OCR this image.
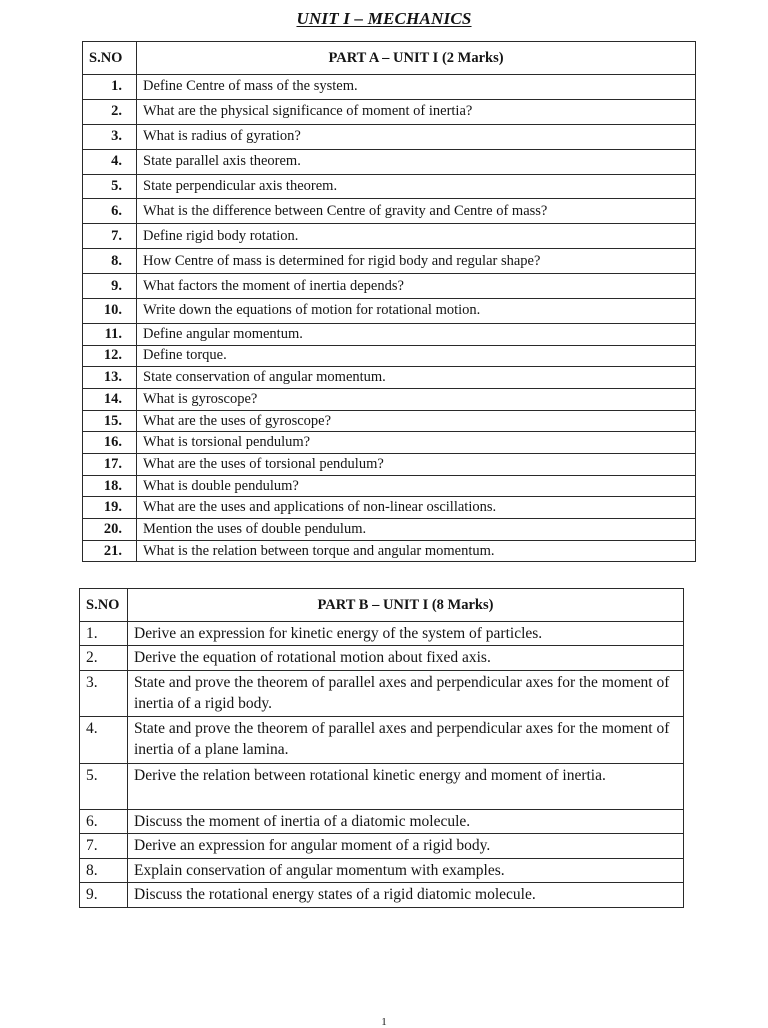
UNIT I – MECHANICS
S.NO	PART A – UNIT I (2 Marks)
1.	Define Centre of mass of the system.
2.	What are the physical significance of moment of inertia?
3.	What is radius of gyration?
4.	State parallel axis theorem.
5.	State perpendicular axis theorem.
6.	What is the difference between Centre of gravity and Centre of mass?
7.	Define rigid body rotation.
8.	How Centre of mass is determined for rigid body and regular shape?
9.	What factors the moment of inertia depends?
10.	Write down the equations of motion for rotational motion.
11.	Define angular momentum.
12.	Define torque.
13.	State conservation of angular momentum.
14.	What is gyroscope?
15.	What are the uses of gyroscope?
16.	What is torsional pendulum?
17.	What are the uses of torsional pendulum?
18.	What is double pendulum?
19.	What are the uses and applications of non-linear oscillations.
20.	Mention the uses of double pendulum.
21.	What is the relation between torque and angular momentum.
S.NO	PART B – UNIT I (8 Marks)
1.	Derive an expression for kinetic energy of the system of particles.
2.	Derive the equation of rotational motion about fixed axis.
3.	State and prove the theorem of parallel axes and perpendicular axes for the moment of inertia of a rigid body.
4.	State and prove the theorem of parallel axes and perpendicular axes for the moment of inertia of a plane lamina.
5.	Derive the relation between rotational kinetic energy and moment of inertia.
6.	Discuss the moment of inertia of a diatomic molecule.
7.	Derive an expression for angular moment of a rigid body.
8.	Explain conservation of angular momentum with examples.
9.	Discuss the rotational energy states of a rigid diatomic molecule.
1
